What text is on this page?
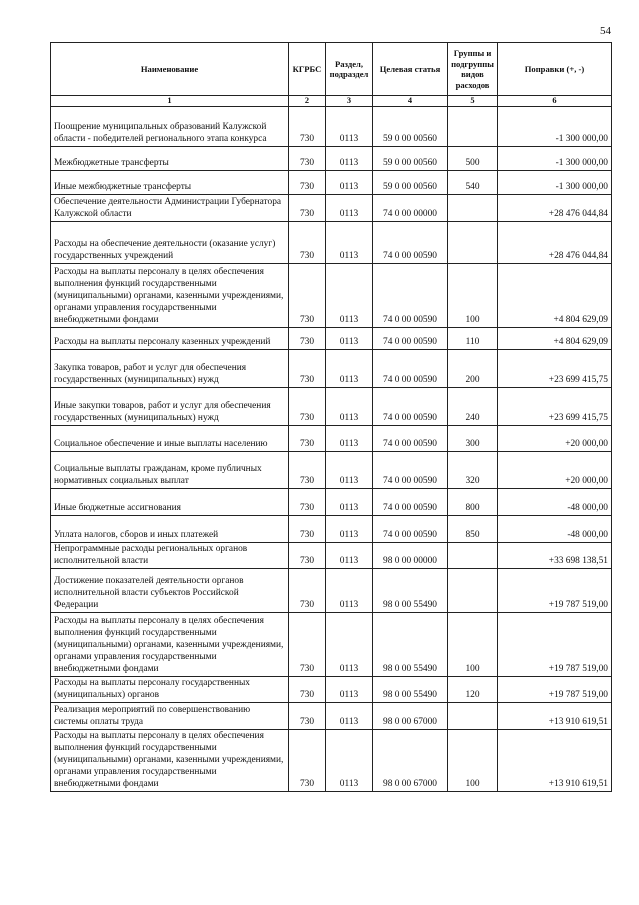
54
Наименование	КГРБС	Раздел, подраздел	Целевая статья	Группы и подгруппы видов расходов	Поправки (+, -)
1	2	3	4	5	6
Поощрение муниципальных образований Калужской области - победителей регионального этапа конкурса	730	0113	59 0 00 00560		-1 300 000,00
Межбюджетные трансферты	730	0113	59 0 00 00560	500	-1 300 000,00
Иные межбюджетные трансферты	730	0113	59 0 00 00560	540	-1 300 000,00
Обеспечение деятельности Администрации Губернатора Калужской области	730	0113	74 0 00 00000		+28 476 044,84
Расходы на обеспечение деятельности (оказание услуг) государственных учреждений	730	0113	74 0 00 00590		+28 476 044,84
Расходы на выплаты персоналу в целях обеспечения выполнения функций государственными (муниципальными) органами, казенными учреждениями, органами управления государственными внебюджетными фондами	730	0113	74 0 00 00590	100	+4 804 629,09
Расходы на выплаты персоналу казенных учреждений	730	0113	74 0 00 00590	110	+4 804 629,09
Закупка товаров, работ и услуг для обеспечения государственных (муниципальных) нужд	730	0113	74 0 00 00590	200	+23 699 415,75
Иные закупки товаров, работ и услуг для обеспечения государственных (муниципальных) нужд	730	0113	74 0 00 00590	240	+23 699 415,75
Социальное обеспечение и иные выплаты населению	730	0113	74 0 00 00590	300	+20 000,00
Социальные выплаты гражданам, кроме публичных нормативных социальных выплат	730	0113	74 0 00 00590	320	+20 000,00
Иные бюджетные ассигнования	730	0113	74 0 00 00590	800	-48 000,00
Уплата налогов, сборов и иных платежей	730	0113	74 0 00 00590	850	-48 000,00
Непрограммные расходы региональных органов исполнительной власти	730	0113	98 0 00 00000		+33 698 138,51
Достижение показателей деятельности органов исполнительной власти субъектов Российской Федерации	730	0113	98 0 00 55490		+19 787 519,00
Расходы на выплаты персоналу в целях обеспечения выполнения функций государственными (муниципальными) органами, казенными учреждениями, органами управления государственными внебюджетными фондами	730	0113	98 0 00 55490	100	+19 787 519,00
Расходы на выплаты персоналу государственных (муниципальных) органов	730	0113	98 0 00 55490	120	+19 787 519,00
Реализация мероприятий по совершенствованию системы оплаты труда	730	0113	98 0 00 67000		+13 910 619,51
Расходы на выплаты персоналу в целях обеспечения выполнения функций государственными (муниципальными) органами, казенными учреждениями, органами управления государственными внебюджетными фондами	730	0113	98 0 00 67000	100	+13 910 619,51
